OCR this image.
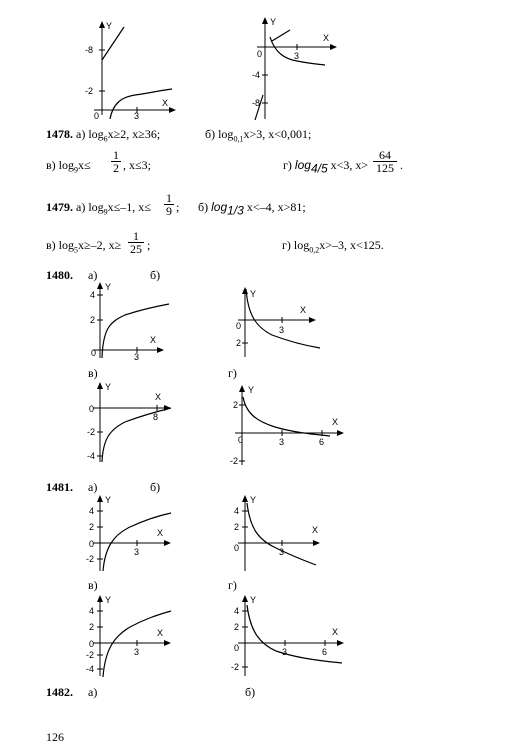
Y
X
-8
-2
0	3
Y
X
0	3
-4
-8
1478. а) $\log_6x\ge 2$, x≥36;	б) $\log_{0,1}x>3$, x<0,001;
в) $\log_9x\le$
1
2 , x≤3;	г) $\log_{4/5} x<3$, x>
64
125 .
1479. а) $\log_9x\le-1$, x≤
1
9 ; б) $\log_{1/3} x<-4$, x>81;
в) $\log_5x\ge-2$, x≥
1
25 ;	г) $\log_{0,2}x>-3$, x<125.
1480. а)	б)
Y
X
4
2
0	3
Y
X
0	3
2
в)	г)
Y
X
0
-2
-4
8
Y
X
2
0	3	6
-2
1481. а)	б)
Y
X
4
2
0
-2
3
Y
X
4
2
0	3
в)	г)
Y
X
4
2
0
-2
-4
3
Y
X
4
2
0
-2
3	6
1482. а)	б)
126
